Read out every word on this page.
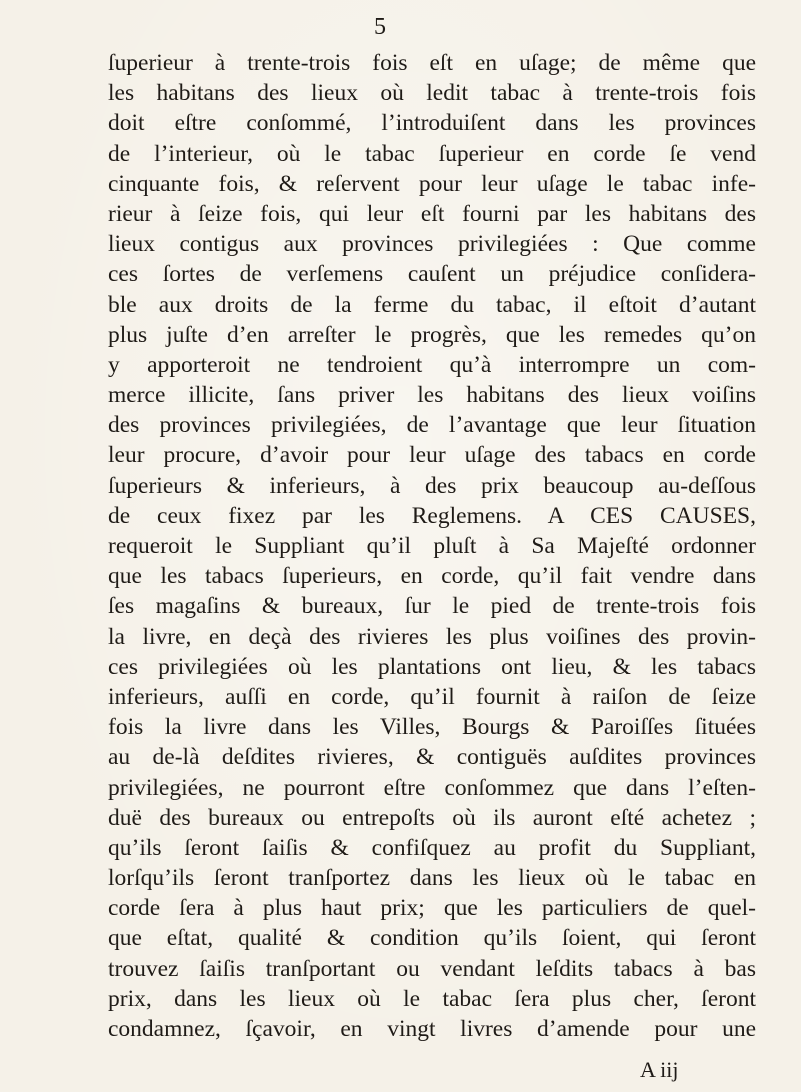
5
ſuperieur à trente-trois fois eſt en uſage; de même que
les habitans des lieux où ledit tabac à trente-trois fois
doit eſtre conſommé, l’introduiſent dans les provinces
de l’interieur, où le tabac ſuperieur en corde ſe vend
cinquante fois, & reſervent pour leur uſage le tabac infe-
rieur à ſeize fois, qui leur eſt fourni par les habitans des
lieux contigus aux provinces privilegiées : Que comme
ces ſortes de verſemens cauſent un préjudice conſidera-
ble aux droits de la ferme du tabac, il eſtoit d’autant
plus juſte d’en arreſter le progrès, que les remedes qu’on
y apporteroit ne tendroient qu’à interrompre un com-
merce illicite, ſans priver les habitans des lieux voiſins
des provinces privilegiées, de l’avantage que leur ſituation
leur procure, d’avoir pour leur uſage des tabacs en corde
ſuperieurs & inferieurs, à des prix beaucoup au-deſſous
de ceux fixez par les Reglemens. A CES CAUSES,
requeroit le Suppliant qu’il pluſt à Sa Majeſté ordonner
que les tabacs ſuperieurs, en corde, qu’il fait vendre dans
ſes magaſins & bureaux, ſur le pied de trente-trois fois
la livre, en deçà des rivieres les plus voiſines des provin-
ces privilegiées où les plantations ont lieu, & les tabacs
inferieurs, auſſi en corde, qu’il fournit à raiſon de ſeize
fois la livre dans les Villes, Bourgs & Paroiſſes ſituées
au de-là deſdites rivieres, & contiguës auſdites provinces
privilegiées, ne pourront eſtre conſommez que dans l’eſten-
duë des bureaux ou entrepoſts où ils auront eſté achetez ;
qu’ils ſeront ſaiſis & confiſquez au profit du Suppliant,
lorſqu’ils ſeront tranſportez dans les lieux où le tabac en
corde ſera à plus haut prix; que les particuliers de quel-
que eſtat, qualité & condition qu’ils ſoient, qui ſeront
trouvez ſaiſis tranſportant ou vendant leſdits tabacs à bas
prix, dans les lieux où le tabac ſera plus cher, ſeront
condamnez, ſçavoir, en vingt livres d’amende pour une
A iij
